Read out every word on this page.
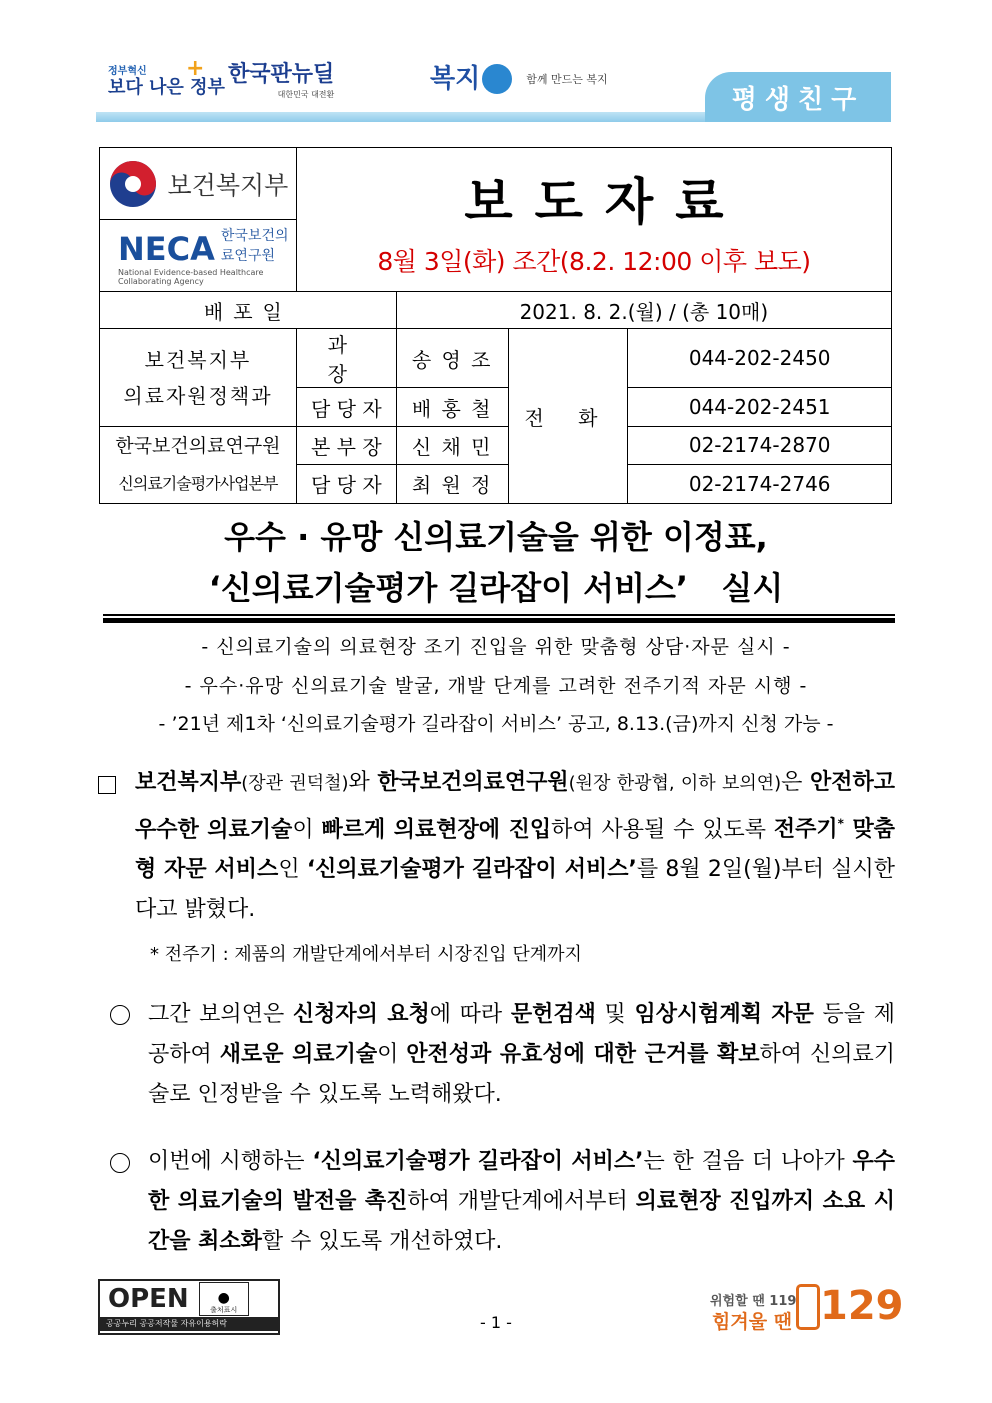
정부혁신
보다 나은 정부
+ 한국판뉴딜
대한민국 대전환
복지	함께 만드는 복지
평생친구
보건복지부	보도자료
8월 3일(화) 조간(8.2. 12:00 이후 보도)			

NECA 한국보건의료연구원
National Evidence-based Healthcare Collaborating Agency				

배포일		2021. 8. 2.(월) / (총 10매)		

보건복지부
의료자원정책과	과 장	송 영 조	전 화	044-202-2450
	담 당 자	배 홍 철		044-202-2451

한국보건의료연구원
신의료기술평가사업본부	본 부 장	신 채 민		02-2174-2870
	담 당 자	최 원 정		02-2174-2746
우수 · 유망 신의료기술을 위한 이정표,
‘신의료기술평가 길라잡이 서비스’   실시
- 신의료기술의 의료현장 조기 진입을 위한 맞춤형 상담·자문 실시 -
- 우수·유망 신의료기술 발굴, 개발 단계를 고려한 전주기적 자문 시행 -
- ’21년 제1차 ‘신의료기술평가 길라잡이 서비스’ 공고, 8.13.(금)까지 신청 가능 -
보건복지부(장관 권덕철)와 한국보건의료연구원(원장 한광협, 이하 보의연)은 안전하고 우수한 의료기술이 빠르게 의료현장에 진입하여 사용될 수 있도록 전주기* 맞춤형 자문 서비스인 ‘신의료기술평가 길라잡이 서비스’를 8월 2일(월)부터 실시한다고 밝혔다.
* 전주기 : 제품의 개발단계에서부터 시장진입 단계까지
그간 보의연은 신청자의 요청에 따라 문헌검색 및 임상시험계획 자문 등을 제공하여 새로운 의료기술이 안전성과 유효성에 대한 근거를 확보하여 신의료기술로 인정받을 수 있도록 노력해왔다.
이번에 시행하는 ‘신의료기술평가 길라잡이 서비스’는 한 걸음 더 나아가 우수한 의료기술의 발전을 촉진하여 개발단계에서부터 의료현장 진입까지 소요 시간을 최소화할 수 있도록 개선하였다.
OPEN ●
출처표시
공공누리 공공저작물 자유이용허락	- 1 -
위험할 땐 119
힘겨울 땐 129
